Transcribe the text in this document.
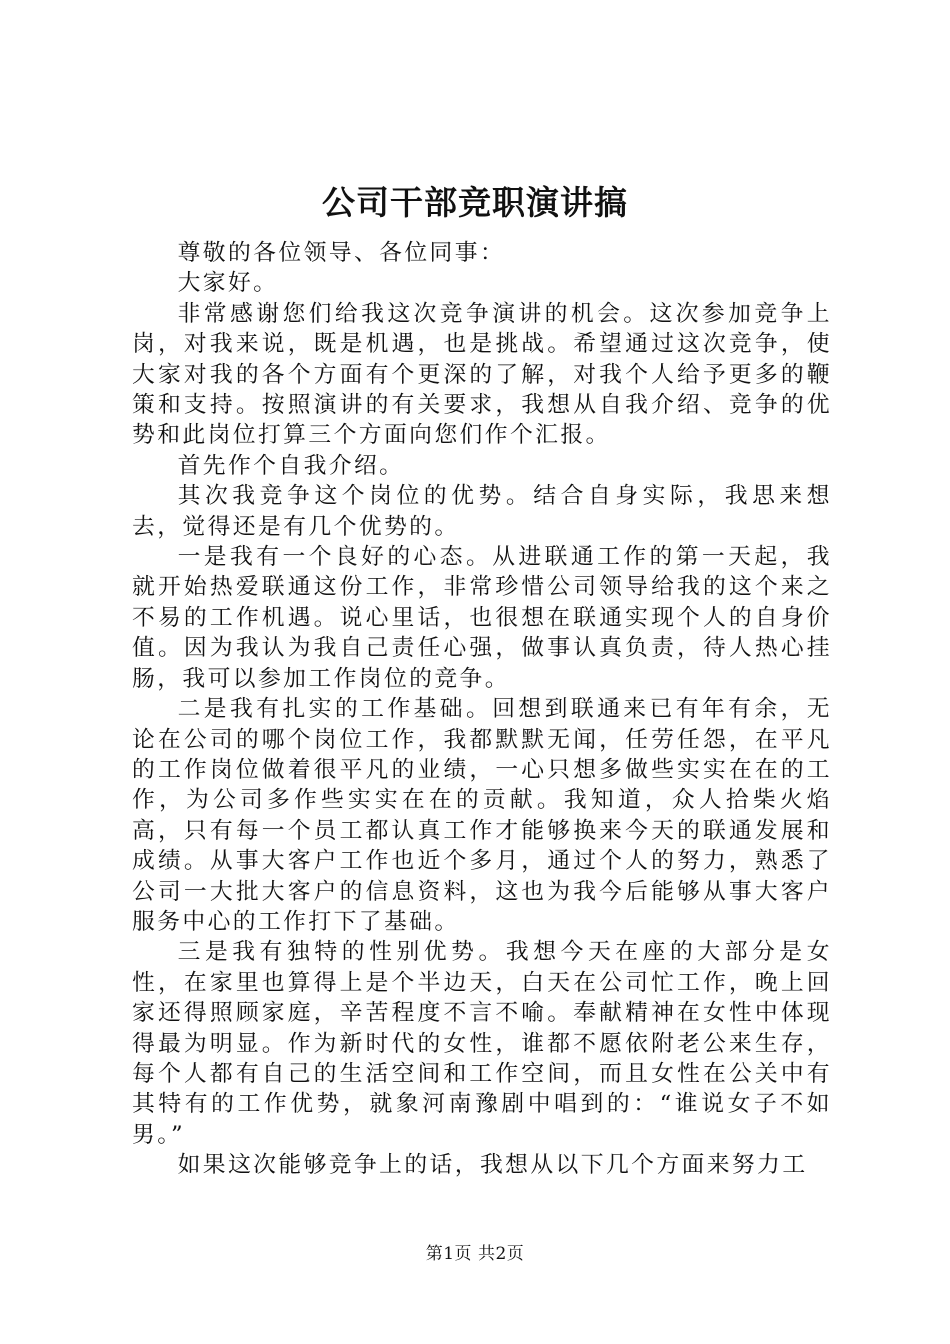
公司干部竞职演讲搞

尊敬的各位领导、各位同事：

大家好。

非常感谢您们给我这次竞争演讲的机会。这次参加竞争上岗，对我来说，既是机遇，也是挑战。希望通过这次竞争，使大家对我的各个方面有个更深的了解，对我个人给予更多的鞭策和支持。按照演讲的有关要求，我想从自我介绍、竞争的优势和此岗位打算三个方面向您们作个汇报。

首先作个自我介绍。

其次我竞争这个岗位的优势。结合自身实际，我思来想去，觉得还是有几个优势的。

一是我有一个良好的心态。从进联通工作的第一天起，我就开始热爱联通这份工作，非常珍惜公司领导给我的这个来之不易的工作机遇。说心里话，也很想在联通实现个人的自身价值。因为我认为我自己责任心强，做事认真负责，待人热心挂肠，我可以参加工作岗位的竞争。

二是我有扎实的工作基础。回想到联通来已有年有余，无论在公司的哪个岗位工作，我都默默无闻，任劳任怨，在平凡的工作岗位做着很平凡的业绩，一心只想多做些实实在在的工作，为公司多作些实实在在的贡献。我知道，众人拾柴火焰高，只有每一个员工都认真工作才能够换来今天的联通发展和成绩。从事大客户工作也近个多月，通过个人的努力，熟悉了公司一大批大客户的信息资料，这也为我今后能够从事大客户服务中心的工作打下了基础。

三是我有独特的性别优势。我想今天在座的大部分是女性，在家里也算得上是个半边天，白天在公司忙工作，晚上回家还得照顾家庭，辛苦程度不言不喻。奉献精神在女性中体现得最为明显。作为新时代的女性，谁都不愿依附老公来生存，每个人都有自己的生活空间和工作空间，而且女性在公关中有其特有的工作优势，就象河南豫剧中唱到的：“谁说女子不如男。”

如果这次能够竞争上的话，我想从以下几个方面来努力工

第1页 共2页
